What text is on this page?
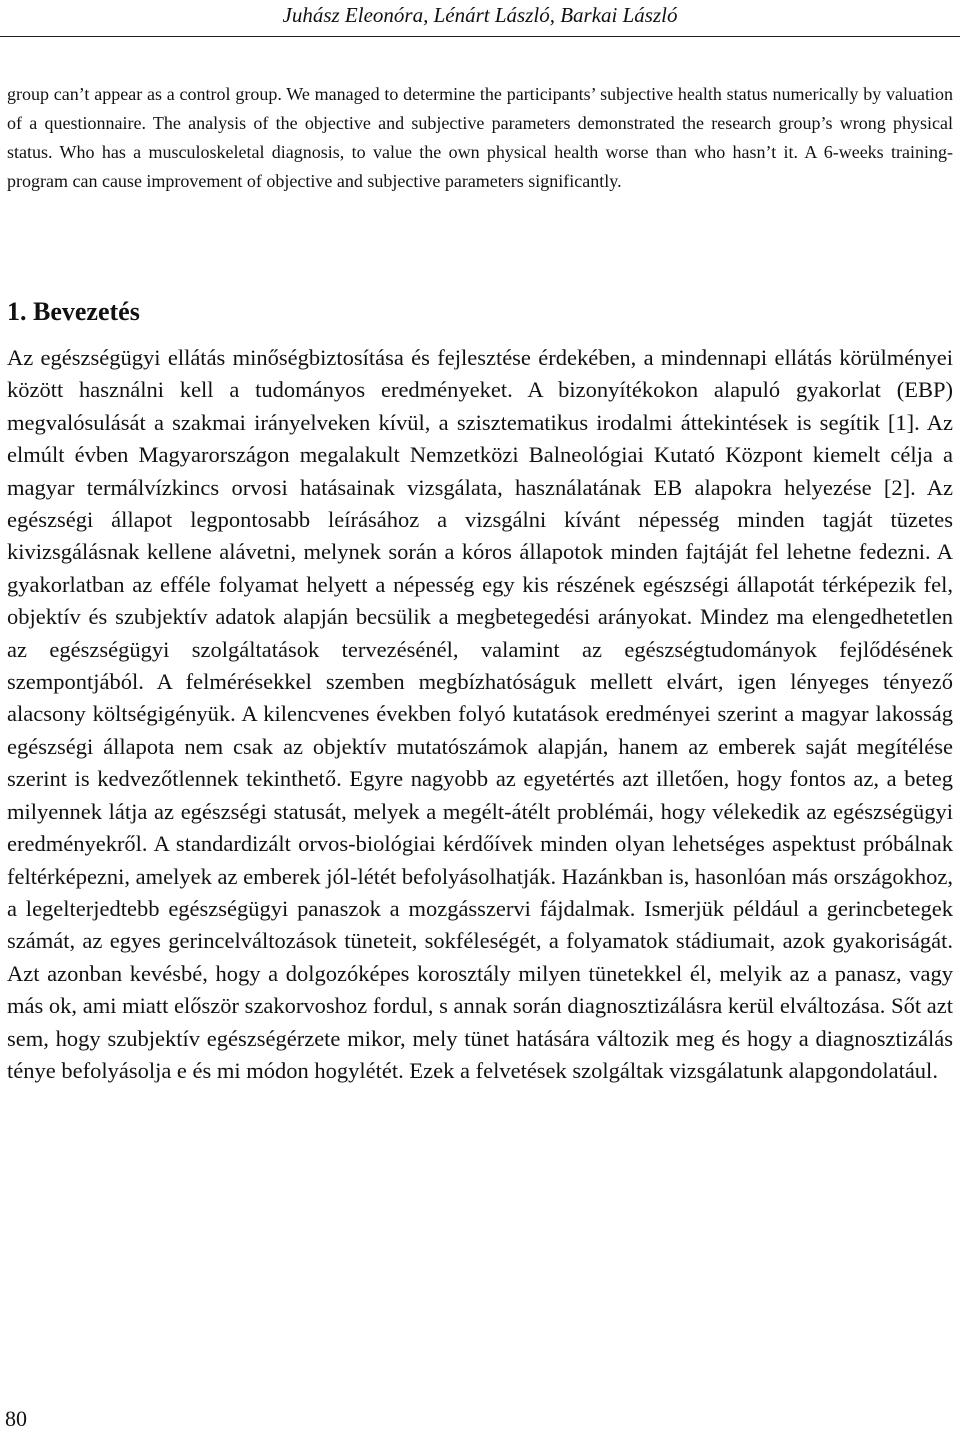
Juhász Eleonóra, Lénárt László, Barkai László

group can’t appear as a control group. We managed to determine the participants’ subjective health status numerically by valuation of a questionnaire. The analysis of the objective and subjective parameters demonstrated the research group’s wrong physical status. Who has a musculoskeletal diagnosis, to value the own physical health worse than who hasn’t it. A 6-weeks training-program can cause improvement of objective and subjective parameters significantly.

1. Bevezetés

Az egészségügyi ellátás minőségbiztosítása és fejlesztése érdekében, a mindennapi ellátás körülményei között használni kell a tudományos eredményeket. A bizonyítékokon alapuló gyakorlat (EBP) megvalósulását a szakmai irányelveken kívül, a szisztematikus irodalmi áttekintések is segítik [1]. Az elmúlt évben Magyarországon megalakult Nemzetközi Balneológiai Kutató Központ kiemelt célja a magyar termálvízkincs orvosi hatásainak vizsgálata, használatának EB alapokra helyezése [2]. Az egészségi állapot legpontosabb leírásához a vizsgálni kívánt népesség minden tagját tüzetes kivizsgálásnak kellene alávetni, melynek során a kóros állapotok minden fajtáját fel lehetne fedezni. A gyakorlatban az efféle folyamat helyett a népesség egy kis részének egészségi állapotát térképezik fel, objektív és szubjektív adatok alapján becsülik a megbetegedési arányokat. Mindez ma elengedhetetlen az egészségügyi szolgáltatások tervezésénél, valamint az egészségtudományok fejlődésének szempontjából. A felmérésekkel szemben megbízhatóságuk mellett elvárt, igen lényeges tényező alacsony költségigényük. A kilencvenes években folyó kutatások eredményei szerint a magyar lakosság egészségi állapota nem csak az objektív mutatószámok alapján, hanem az emberek saját megítélése szerint is kedvezőtlennek tekinthető. Egyre nagyobb az egyetértés azt illetően, hogy fontos az, a beteg milyennek látja az egészségi statusát, melyek a megélt-átélt problémái, hogy vélekedik az egészségügyi eredményekről. A standardizált orvos-biológiai kérdőívek minden olyan lehetséges aspektust próbálnak feltérképezni, amelyek az emberek jól-létét befolyásolhatják. Hazánkban is, hasonlóan más országokhoz, a legelterjedtebb egészségügyi panaszok a mozgásszervi fájdalmak. Ismerjük például a gerincbetegek számát, az egyes gerincelváltozások tüneteit, sokféleségét, a folyamatok stádiumait, azok gyakoriságát. Azt azonban kevésbé, hogy a dolgozóképes korosztály milyen tünetekkel él, melyik az a panasz, vagy más ok, ami miatt először szakorvoshoz fordul, s annak során diagnosztizálásra kerül elváltozása. Sőt azt sem, hogy szubjektív egészségérzete mikor, mely tünet hatására változik meg és hogy a diagnosztizálás ténye befolyásolja e és mi módon hogylétét. Ezek a felvetések szolgáltak vizsgálatunk alapgondolatául.

80
